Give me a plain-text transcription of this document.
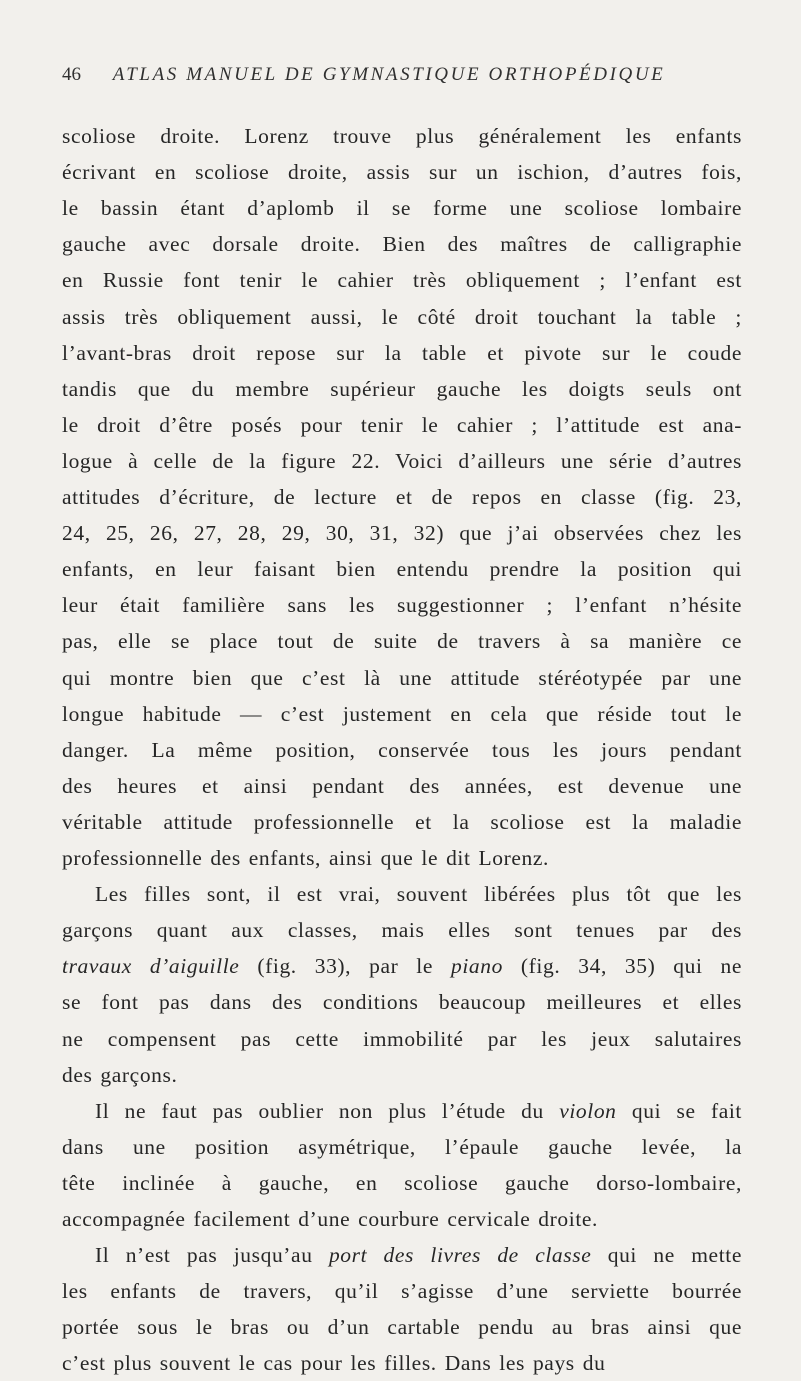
46 ATLAS MANUEL DE GYMNASTIQUE ORTHOPÉDIQUE
scoliose droite. Lorenz trouve plus généralement les enfants
écrivant en scoliose droite, assis sur un ischion, d’autres fois,
le bassin étant d’aplomb il se forme une scoliose lombaire
gauche avec dorsale droite. Bien des maîtres de calligraphie
en Russie font tenir le cahier très obliquement ; l’enfant est
assis très obliquement aussi, le côté droit touchant la table ;
l’avant-bras droit repose sur la table et pivote sur le coude
tandis que du membre supérieur gauche les doigts seuls ont
le droit d’être posés pour tenir le cahier ; l’attitude est ana-
logue à celle de la figure 22. Voici d’ailleurs une série d’autres
attitudes d’écriture, de lecture et de repos en classe (fig. 23,
24, 25, 26, 27, 28, 29, 30, 31, 32) que j’ai observées chez les
enfants, en leur faisant bien entendu prendre la position qui
leur était familière sans les suggestionner ; l’enfant n’hésite
pas, elle se place tout de suite de travers à sa manière ce
qui montre bien que c’est là une attitude stéréotypée par une
longue habitude — c’est justement en cela que réside tout le
danger. La même position, conservée tous les jours pendant
des heures et ainsi pendant des années, est devenue une
véritable attitude professionnelle et la scoliose est la maladie
professionnelle des enfants, ainsi que le dit Lorenz.
Les filles sont, il est vrai, souvent libérées plus tôt que les
garçons quant aux classes, mais elles sont tenues par des
travaux d’aiguille (fig. 33), par le piano (fig. 34, 35) qui ne
se font pas dans des conditions beaucoup meilleures et elles
ne compensent pas cette immobilité par les jeux salutaires
des garçons.
Il ne faut pas oublier non plus l’étude du violon qui se fait
dans une position asymétrique, l’épaule gauche levée, la
tête inclinée à gauche, en scoliose gauche dorso-lombaire,
accompagnée facilement d’une courbure cervicale droite.
Il n’est pas jusqu’au port des livres de classe qui ne mette
les enfants de travers, qu’il s’agisse d’une serviette bourrée
portée sous le bras ou d’un cartable pendu au bras ainsi que
c’est plus souvent le cas pour les filles. Dans les pays du
